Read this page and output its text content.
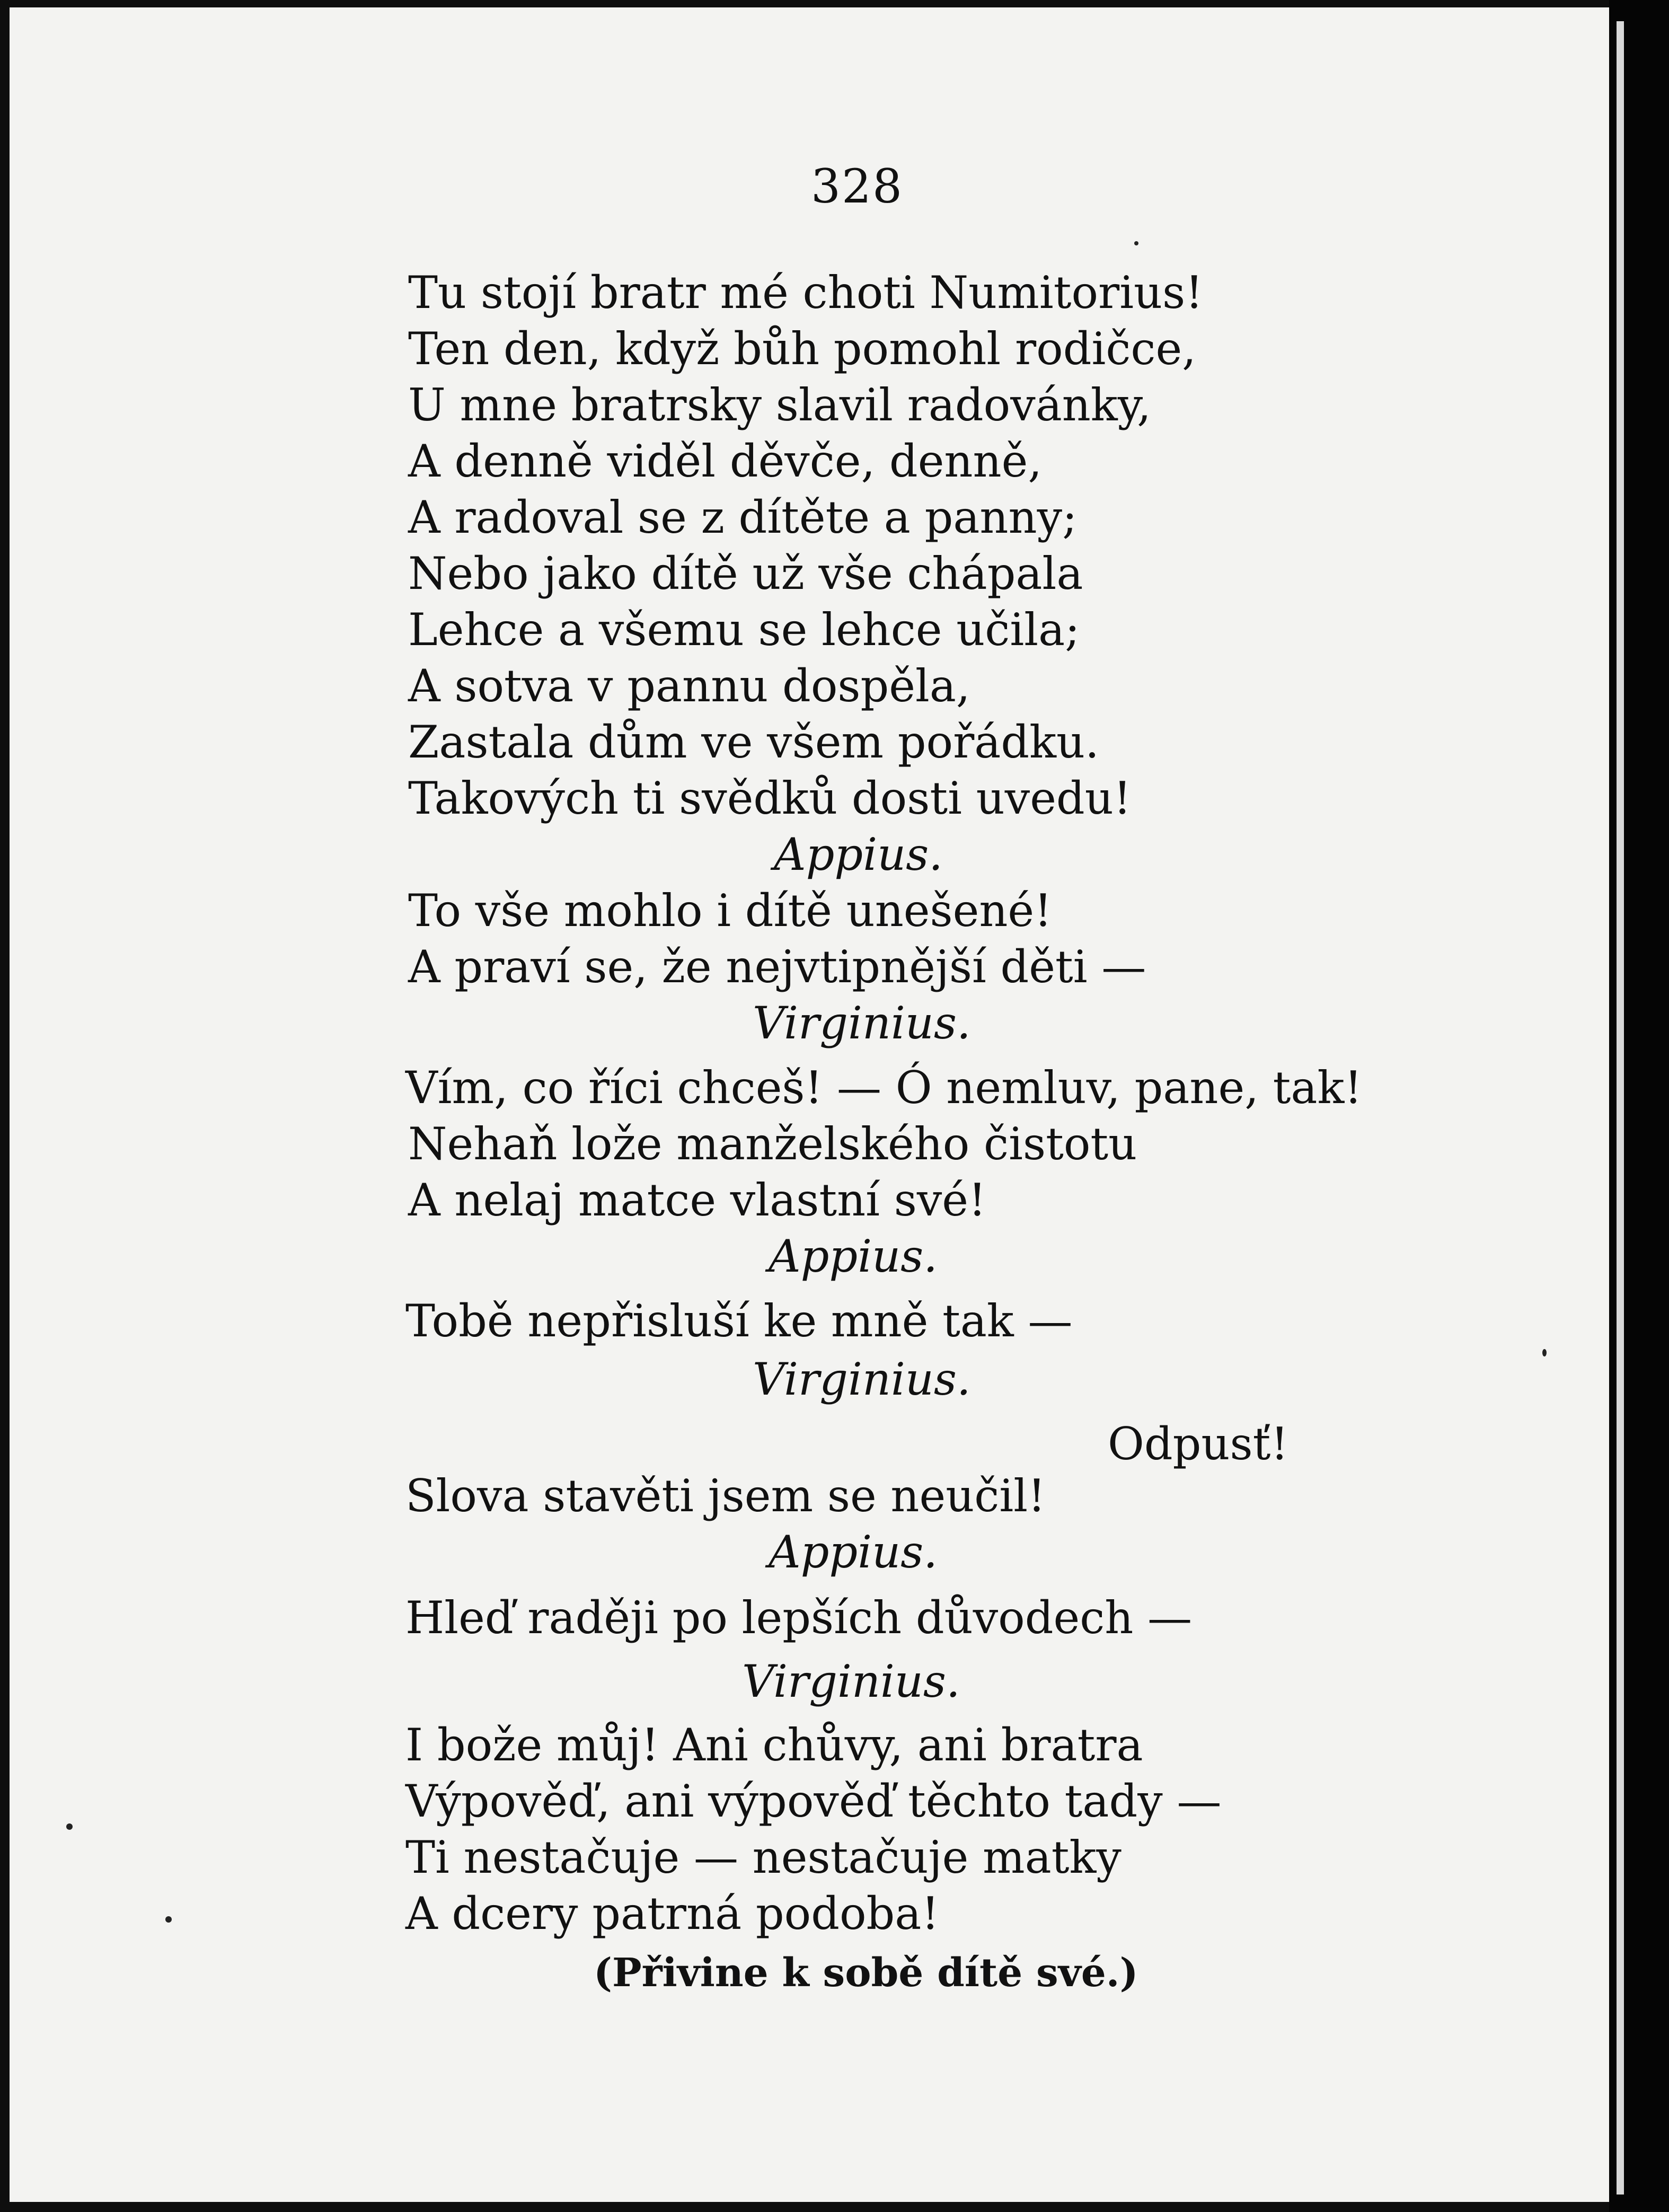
328
Tu stojí bratr mé choti Numitorius!
Ten den, když bůh pomohl rodičce,
U mne bratrsky slavil radovánky,
A denně viděl děvče, denně,
A radoval se z dítěte a panny;
Nebo jako dítě už vše chápala
Lehce a všemu se lehce učila;
A sotva v pannu dospěla,
Zastala dům ve všem pořádku.
Takových ti svědků dosti uvedu!
Appius.
To vše mohlo i dítě unešené!
A praví se, že nejvtipnější děti —
Virginius.
Vím, co říci chceš! — Ó nemluv, pane, tak!
Nehaň lože manželského čistotu
A nelaj matce vlastní své!
Appius.
Tobě nepřisluší ke mně tak —
Virginius.
Odpusť!
Slova stavěti jsem se neučil!
Appius.
Hleď raději po lepších důvodech —
Virginius.
I bože můj! Ani chůvy, ani bratra
Výpověď, ani výpověď těchto tady —
Ti nestačuje — nestačuje matky
A dcery patrná podoba!
(Přivine k sobě dítě své.)
